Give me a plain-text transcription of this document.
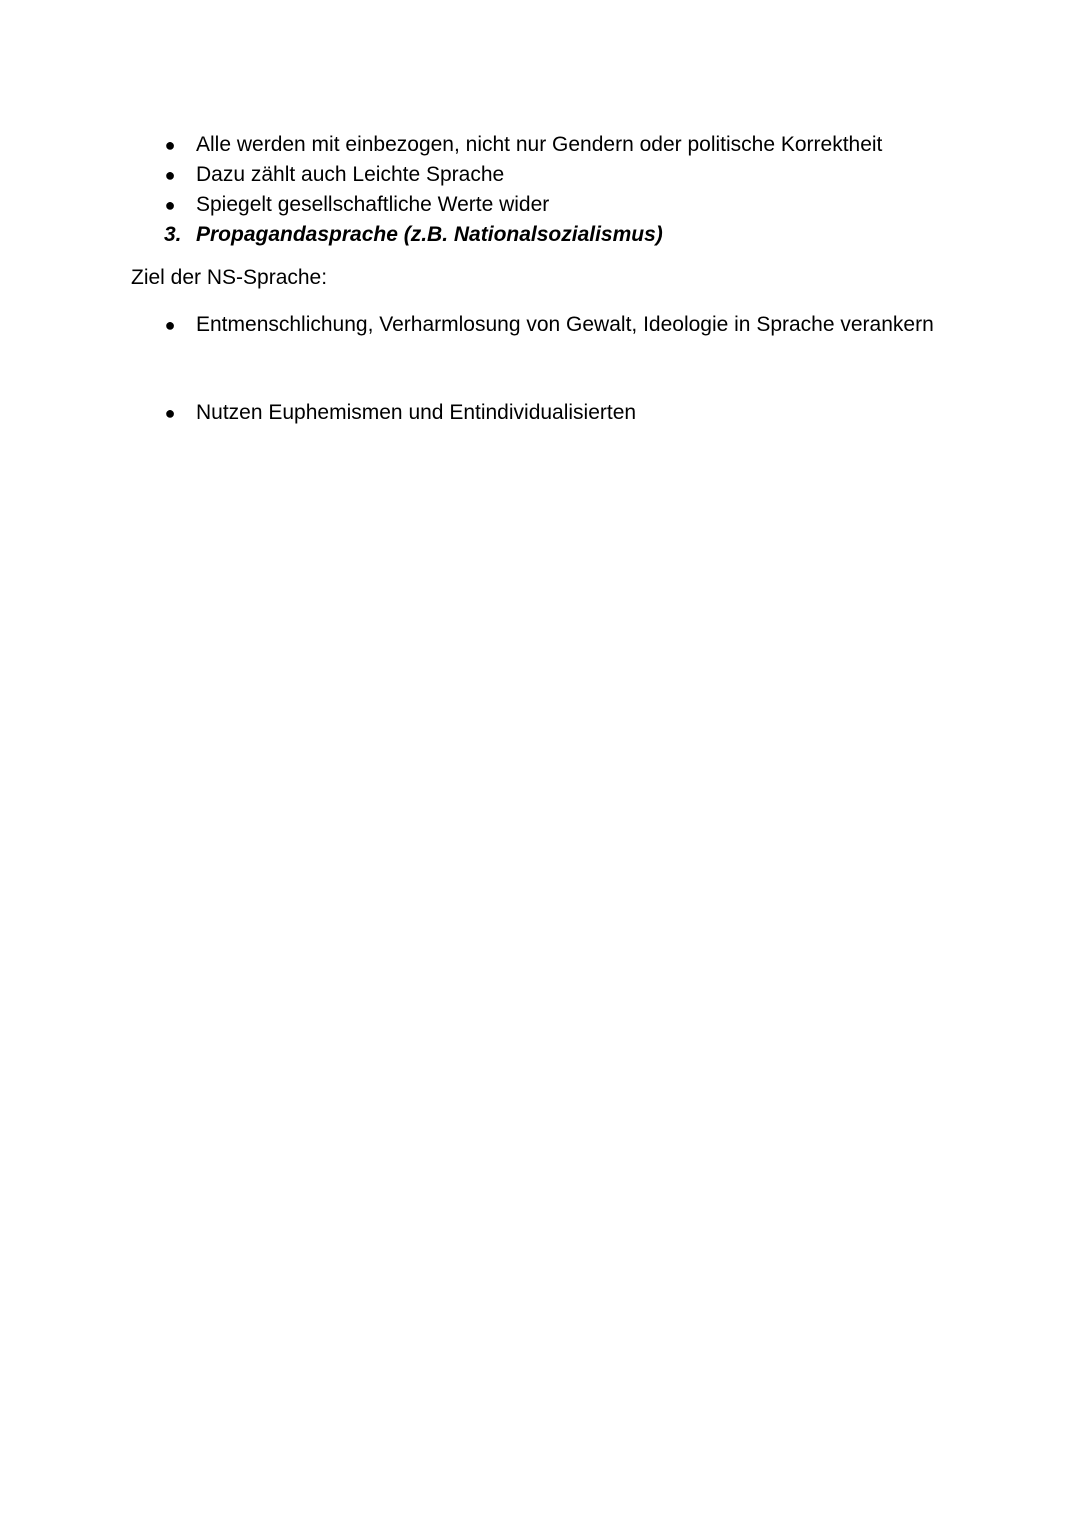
● Alle werden mit einbezogen, nicht nur Gendern oder politische Korrektheit
● Dazu zählt auch Leichte Sprache
● Spiegelt gesellschaftliche Werte wider
3. Propagandasprache (z.B. Nationalsozialismus)

Ziel der NS-Sprache:

● Entmenschlichung, Verharmlosung von Gewalt, Ideologie in Sprache verankern
● Nutzen Euphemismen und Entindividualisierten
